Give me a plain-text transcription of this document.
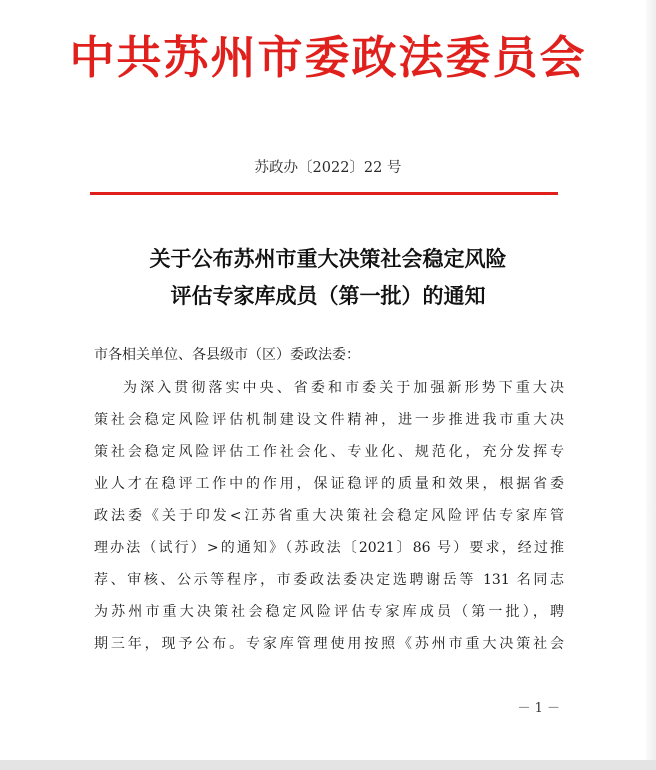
中共苏州市委政法委员会
苏政办〔2022〕22 号
关于公布苏州市重大决策社会稳定风险
评估专家库成员（第一批）的通知
市各相关单位、各县级市（区）委政法委：
为深入贯彻落实中央、省委和市委关于加强新形势下重大决
策社会稳定风险评估机制建设文件精神，进一步推进我市重大决
策社会稳定风险评估工作社会化、专业化、规范化，充分发挥专
业人才在稳评工作中的作用，保证稳评的质量和效果，根据省委
政法委《关于印发<江苏省重大决策社会稳定风险评估专家库管
理办法（试行）>的通知》（苏政法〔2021〕86 号）要求，经过推
荐、审核、公示等程序，市委政法委决定选聘谢岳等 131 名同志
为苏州市重大决策社会稳定风险评估专家库成员（第一批），聘
期三年，现予公布。专家库管理使用按照《苏州市重大决策社会
－ 1 －
